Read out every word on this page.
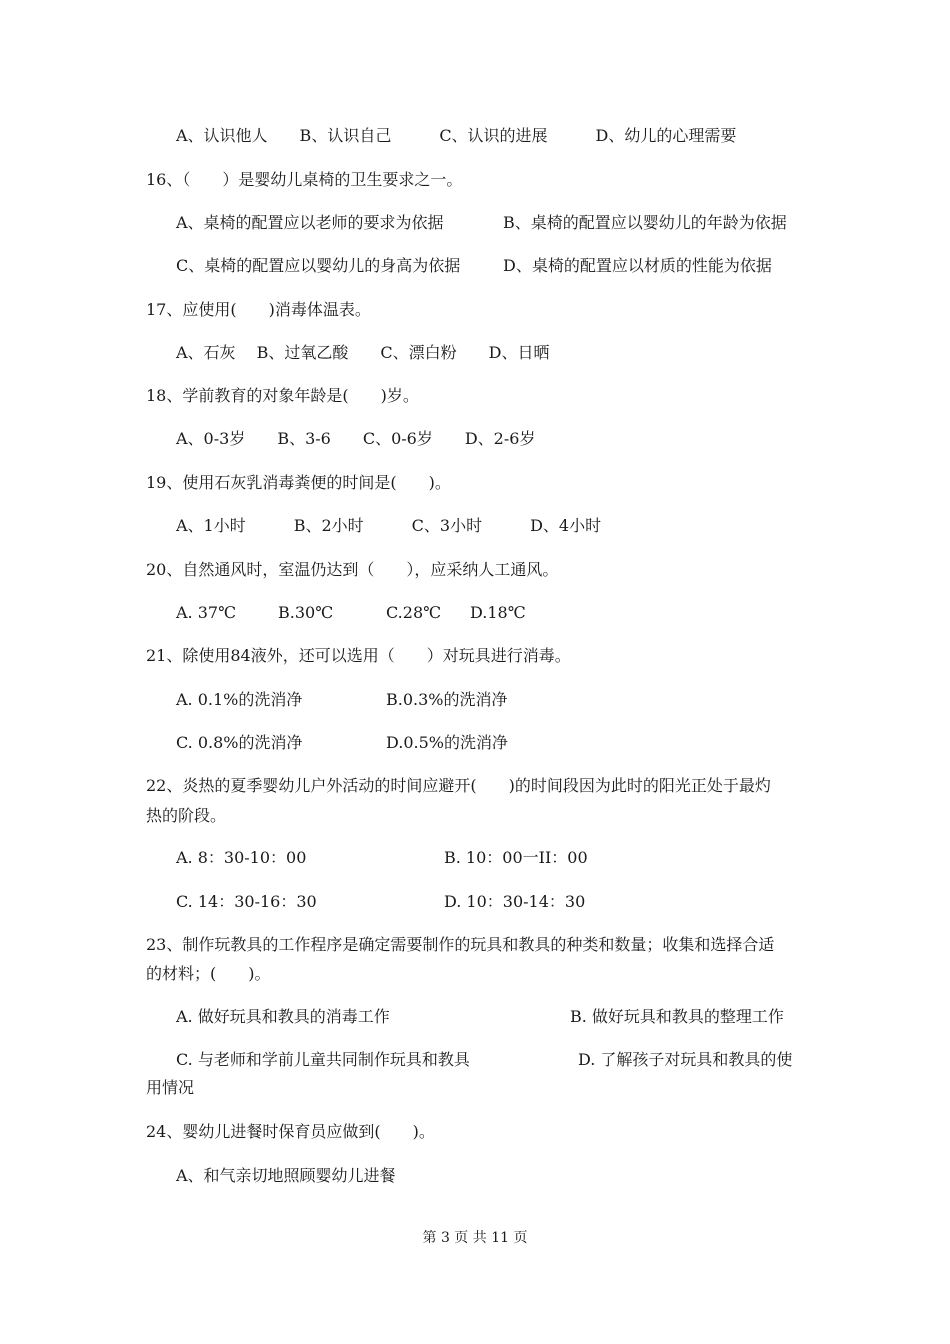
A、认识他人　　B、认识自己　　　C、认识的进展　　　D、幼儿的心理需要
16、（　　）是婴幼儿桌椅的卫生要求之一。
A、桌椅的配置应以老师的要求为依据	B、桌椅的配置应以婴幼儿的年龄为依据
C、桌椅的配置应以婴幼儿的身高为依据	D、桌椅的配置应以材质的性能为依据
17、应使用(　　)消毒体温表。
A、石灰　 B、过氧乙酸　　C、漂白粉　　D、日晒
18、学前教育的对象年龄是(　　)岁。
A、0-3岁　　B、3-6　　C、0-6岁　　D、2-6岁
19、使用石灰乳消毒粪便的时间是(　　)。
A、1小时　　　B、2小时　　　C、3小时　　　D、4小时
20、自然通风时，室温仍达到（　　），应采纳人工通风。
A. 37℃	B.30℃	C.28℃ D.18℃
21、除使用84液外，还可以选用（　　）对玩具进行消毒。
A. 0.1%的洗消净	B.0.3%的洗消净
C. 0.8%的洗消净	D.0.5%的洗消净
22、炎热的夏季婴幼儿户外活动的时间应避开(　　)的时间段因为此时的阳光正处于最灼
热的阶段。
A. 8：30-10：00	B. 10：00一II：00
C. 14：30-16：30	D. 10：30-14：30
23、制作玩教具的工作程序是确定需要制作的玩具和教具的种类和数量；收集和选择合适
的材料；(　　)。
A. 做好玩具和教具的消毒工作	B. 做好玩具和教具的整理工作
C. 与老师和学前儿童共同制作玩具和教具	D. 了解孩子对玩具和教具的使
用情况
24、婴幼儿进餐时保育员应做到(　　)。
A、和气亲切地照顾婴幼儿进餐
第 3 页 共 11 页
